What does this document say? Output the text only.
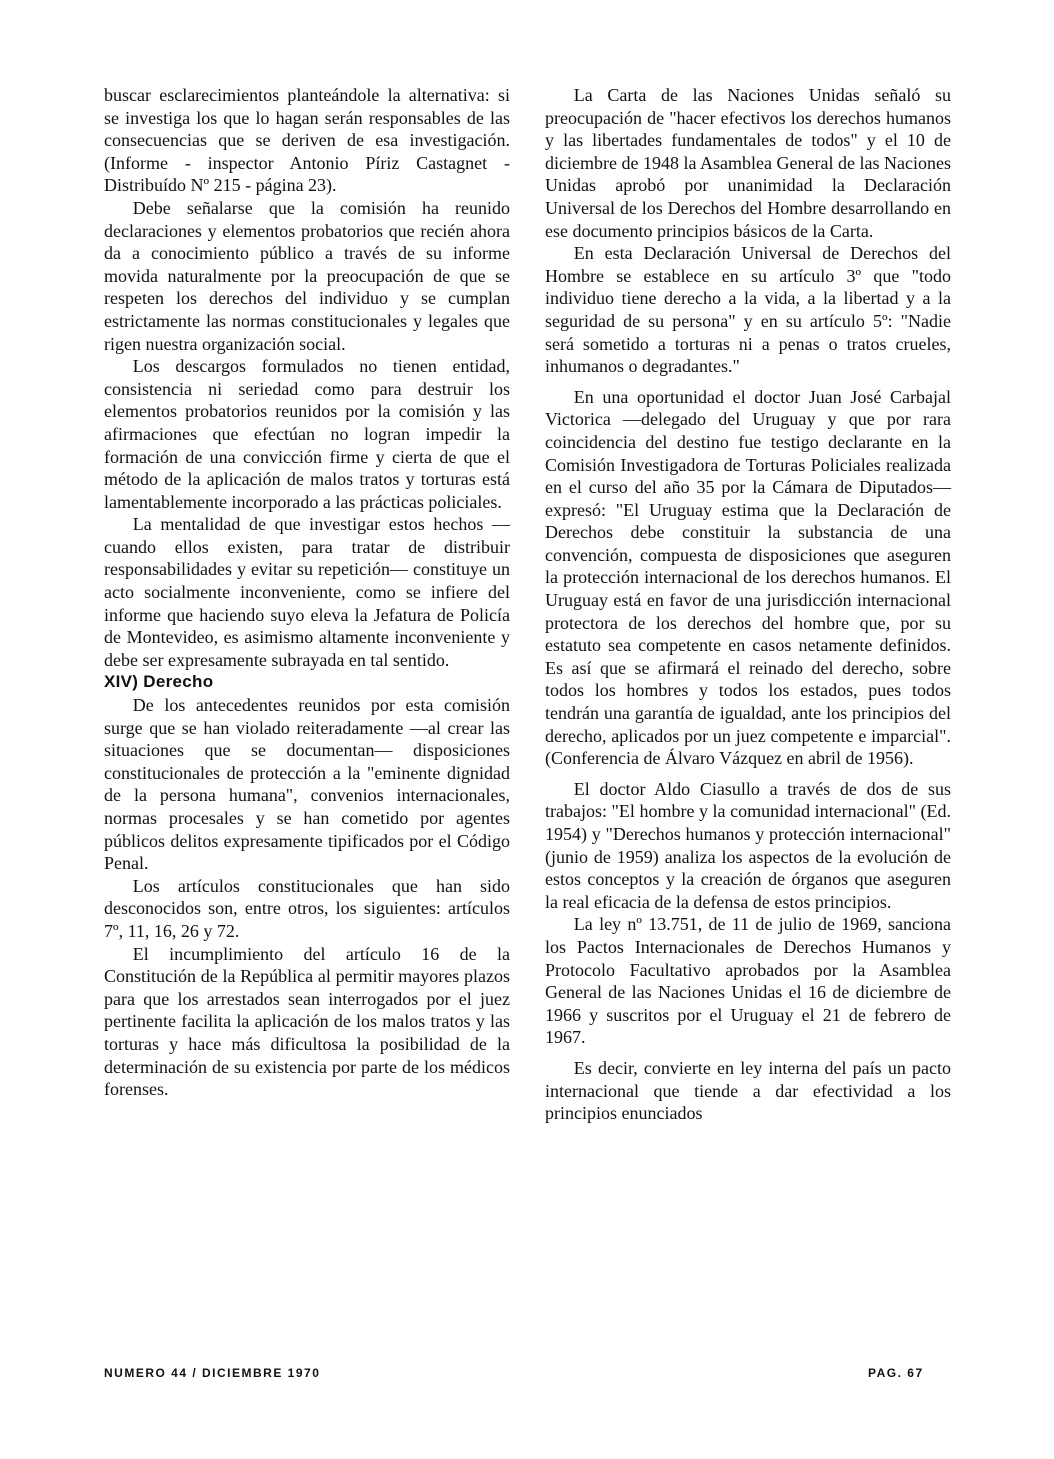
buscar esclarecimientos planteándole la alternativa: si se investiga los que lo hagan serán responsables de las consecuencias que se deriven de esa investigación. (Informe - inspector Antonio Píriz Castagnet - Distribuído Nº 215 - página 23).

Debe señalarse que la comisión ha reunido declaraciones y elementos probatorios que recién ahora da a conocimiento público a través de su informe movida naturalmente por la preocupación de que se respeten los derechos del individuo y se cumplan estrictamente las normas constitucionales y legales que rigen nuestra organización social.

Los descargos formulados no tienen entidad, consistencia ni seriedad como para destruir los elementos probatorios reunidos por la comisión y las afirmaciones que efectúan no logran impedir la formación de una convicción firme y cierta de que el método de la aplicación de malos tratos y torturas está lamentablemente incorporado a las prácticas policiales.

La mentalidad de que investigar estos hechos —cuando ellos existen, para tratar de distribuir responsabilidades y evitar su repetición— constituye un acto socialmente inconveniente, como se infiere del informe que haciendo suyo eleva la Jefatura de Policía de Montevideo, es asimismo altamente inconveniente y debe ser expresamente subrayada en tal sentido.

XIV) Derecho

De los antecedentes reunidos por esta comisión surge que se han violado reiteradamente —al crear las situaciones que se documentan— disposiciones constitucionales de protección a la "eminente dignidad de la persona humana", convenios internacionales, normas procesales y se han cometido por agentes públicos delitos expresamente tipificados por el Código Penal.

Los artículos constitucionales que han sido desconocidos son, entre otros, los siguientes: artículos 7º, 11, 16, 26 y 72.

El incumplimiento del artículo 16 de la Constitución de la República al permitir mayores plazos para que los arrestados sean interrogados por el juez pertinente facilita la aplicación de los malos tratos y las torturas y hace más dificultosa la posibilidad de la determinación de su existencia por parte de los médicos forenses.

La Carta de las Naciones Unidas señaló su preocupación de "hacer efectivos los derechos humanos y las libertades fundamentales de todos" y el 10 de diciembre de 1948 la Asamblea General de las Naciones Unidas aprobó por unanimidad la Declaración Universal de los Derechos del Hombre desarrollando en ese documento principios básicos de la Carta.

En esta Declaración Universal de Derechos del Hombre se establece en su artículo 3º que "todo individuo tiene derecho a la vida, a la libertad y a la seguridad de su persona" y en su artículo 5º: "Nadie será sometido a torturas ni a penas o tratos crueles, inhumanos o degradantes."

En una oportunidad el doctor Juan José Carbajal Victorica —delegado del Uruguay y que por rara coincidencia del destino fue testigo declarante en la Comisión Investigadora de Torturas Policiales realizada en el curso del año 35 por la Cámara de Diputados— expresó: "El Uruguay estima que la Declaración de Derechos debe constituir la substancia de una convención, compuesta de disposiciones que aseguren la protección internacional de los derechos humanos. El Uruguay está en favor de una jurisdicción internacional protectora de los derechos del hombre que, por su estatuto sea competente en casos netamente definidos. Es así que se afirmará el reinado del derecho, sobre todos los hombres y todos los estados, pues todos tendrán una garantía de igualdad, ante los principios del derecho, aplicados por un juez competente e imparcial". (Conferencia de Álvaro Vázquez en abril de 1956).

El doctor Aldo Ciasullo a través de dos de sus trabajos: "El hombre y la comunidad internacional" (Ed. 1954) y "Derechos humanos y protección internacional" (junio de 1959) analiza los aspectos de la evolución de estos conceptos y la creación de órganos que aseguren la real eficacia de la defensa de estos principios.

La ley nº 13.751, de 11 de julio de 1969, sanciona los Pactos Internacionales de Derechos Humanos y Protocolo Facultativo aprobados por la Asamblea General de las Naciones Unidas el 16 de diciembre de 1966 y suscritos por el Uruguay el 21 de febrero de 1967.

Es decir, convierte en ley interna del país un pacto internacional que tiende a dar efectividad a los principios enunciados

NUMERO 44 / DICIEMBRE 1970	PAG. 67
